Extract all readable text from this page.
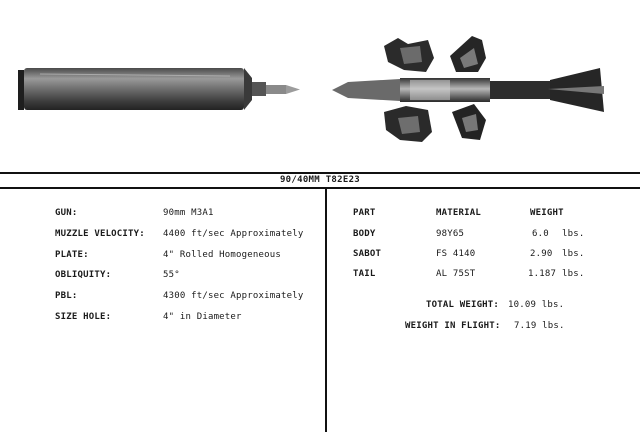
90/40MM T82E23
GUN:	90mm M3A1
MUZZLE VELOCITY: 4400 ft/sec Approximately
PLATE:	4" Rolled Homogeneous
OBLIQUITY:	55°
PBL:	4300 ft/sec Approximately
SIZE HOLE:	4" in Diameter
PART	MATERIAL	WEIGHT
BODY	98Y65	6.0 lbs.
SABOT	FS 4140	2.90 lbs.
TAIL	AL 75ST	1.187 lbs.
TOTAL WEIGHT: 10.09 lbs.
WEIGHT IN FLIGHT: 7.19 lbs.
